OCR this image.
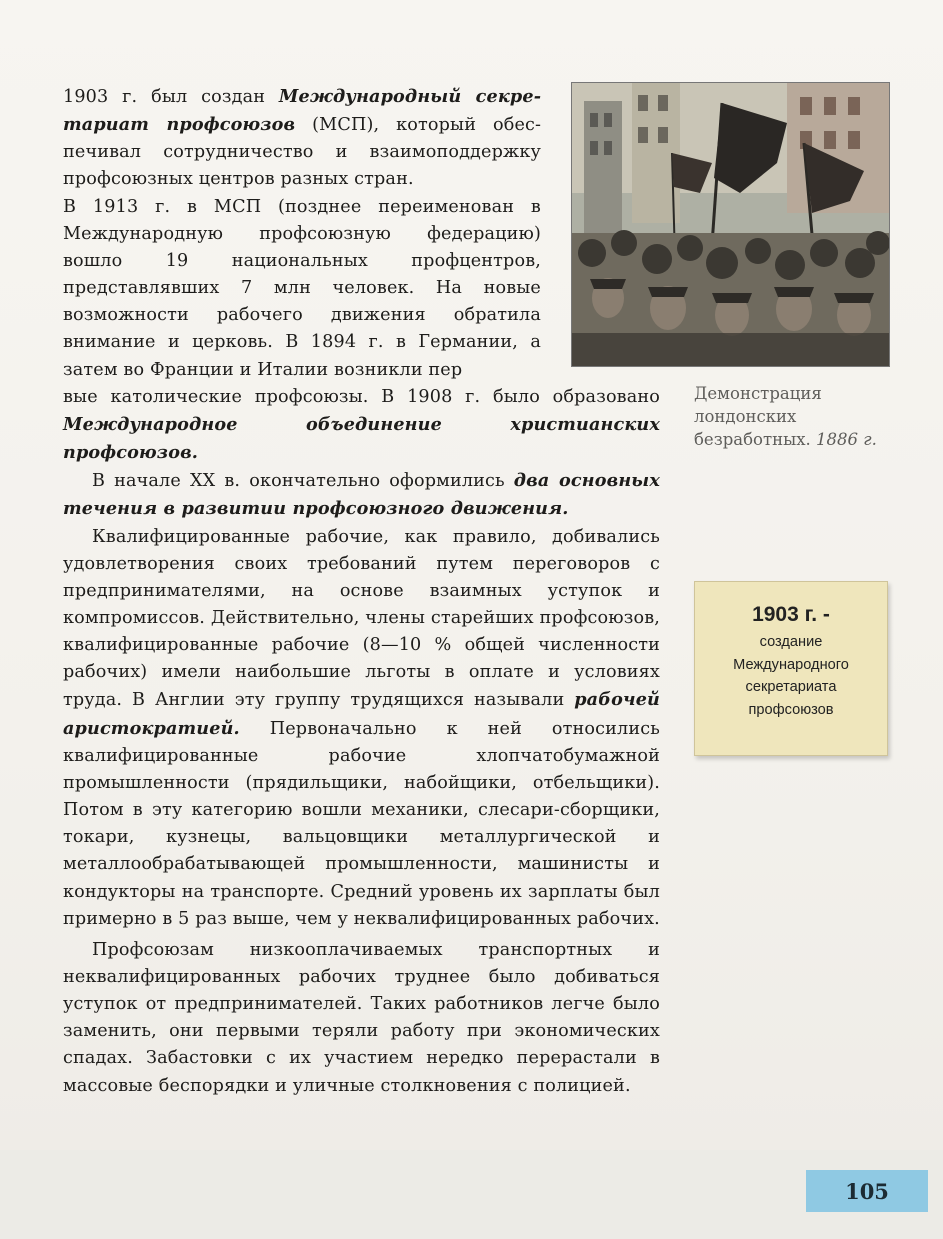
1903 г. был создан Международный секретариат профсоюзов (МСП), который обеспечивал сотрудничество и взаимоподдержку профсоюзных центров разных стран.

В 1913 г. в МСП (позднее переименован в Международную профсоюзную федерацию) вошло 19 национальных профцентров, представлявших 7 млн человек. На новые возможности рабочего движения обратила внимание и церковь. В 1894 г. в Германии, а затем во Франции и Италии возникли пер

вые католические профсоюзы. В 1908 г. было образовано Международное объединение христианских профсоюзов.

В начале XX в. окончательно оформились два основных течения в развитии профсоюзного движения.

Квалифицированные рабочие, как правило, добивались удовлетворения своих требований путем переговоров с предпринимателями, на основе взаимных уступок и компромиссов. Действительно, члены старейших профсоюзов, квалифицированные рабочие (8—10 % общей численности рабочих) имели наибольшие льготы в оплате и условиях труда. В Англии эту группу трудящихся называли рабочей аристократией. Первоначально к ней относились квалифицированные рабочие хлопчатобумажной промышленности (прядильщики, набойщики, отбельщики). Потом в эту категорию вошли механики, слесари-сборщики, токари, кузнецы, вальцовщики металлургической и металлообрабатывающей промышленности, машинисты и кондукторы на транспорте. Средний уровень их зарплаты был примерно в 5 раз выше, чем у неквалифицированных рабочих.

Профсоюзам низкооплачиваемых транспортных и неквалифицированных рабочих труднее было добиваться уступок от предпринимателей. Таких работников легче было заменить, они первыми теряли работу при экономических спадах. Забастовки с их участием нередко перерастали в массовые беспорядки и уличные столкновения с полицией.

Демонстрация лондонских безработных. 1886 г.
1903 г. -
создание Международного секретариата профсоюзов
105
